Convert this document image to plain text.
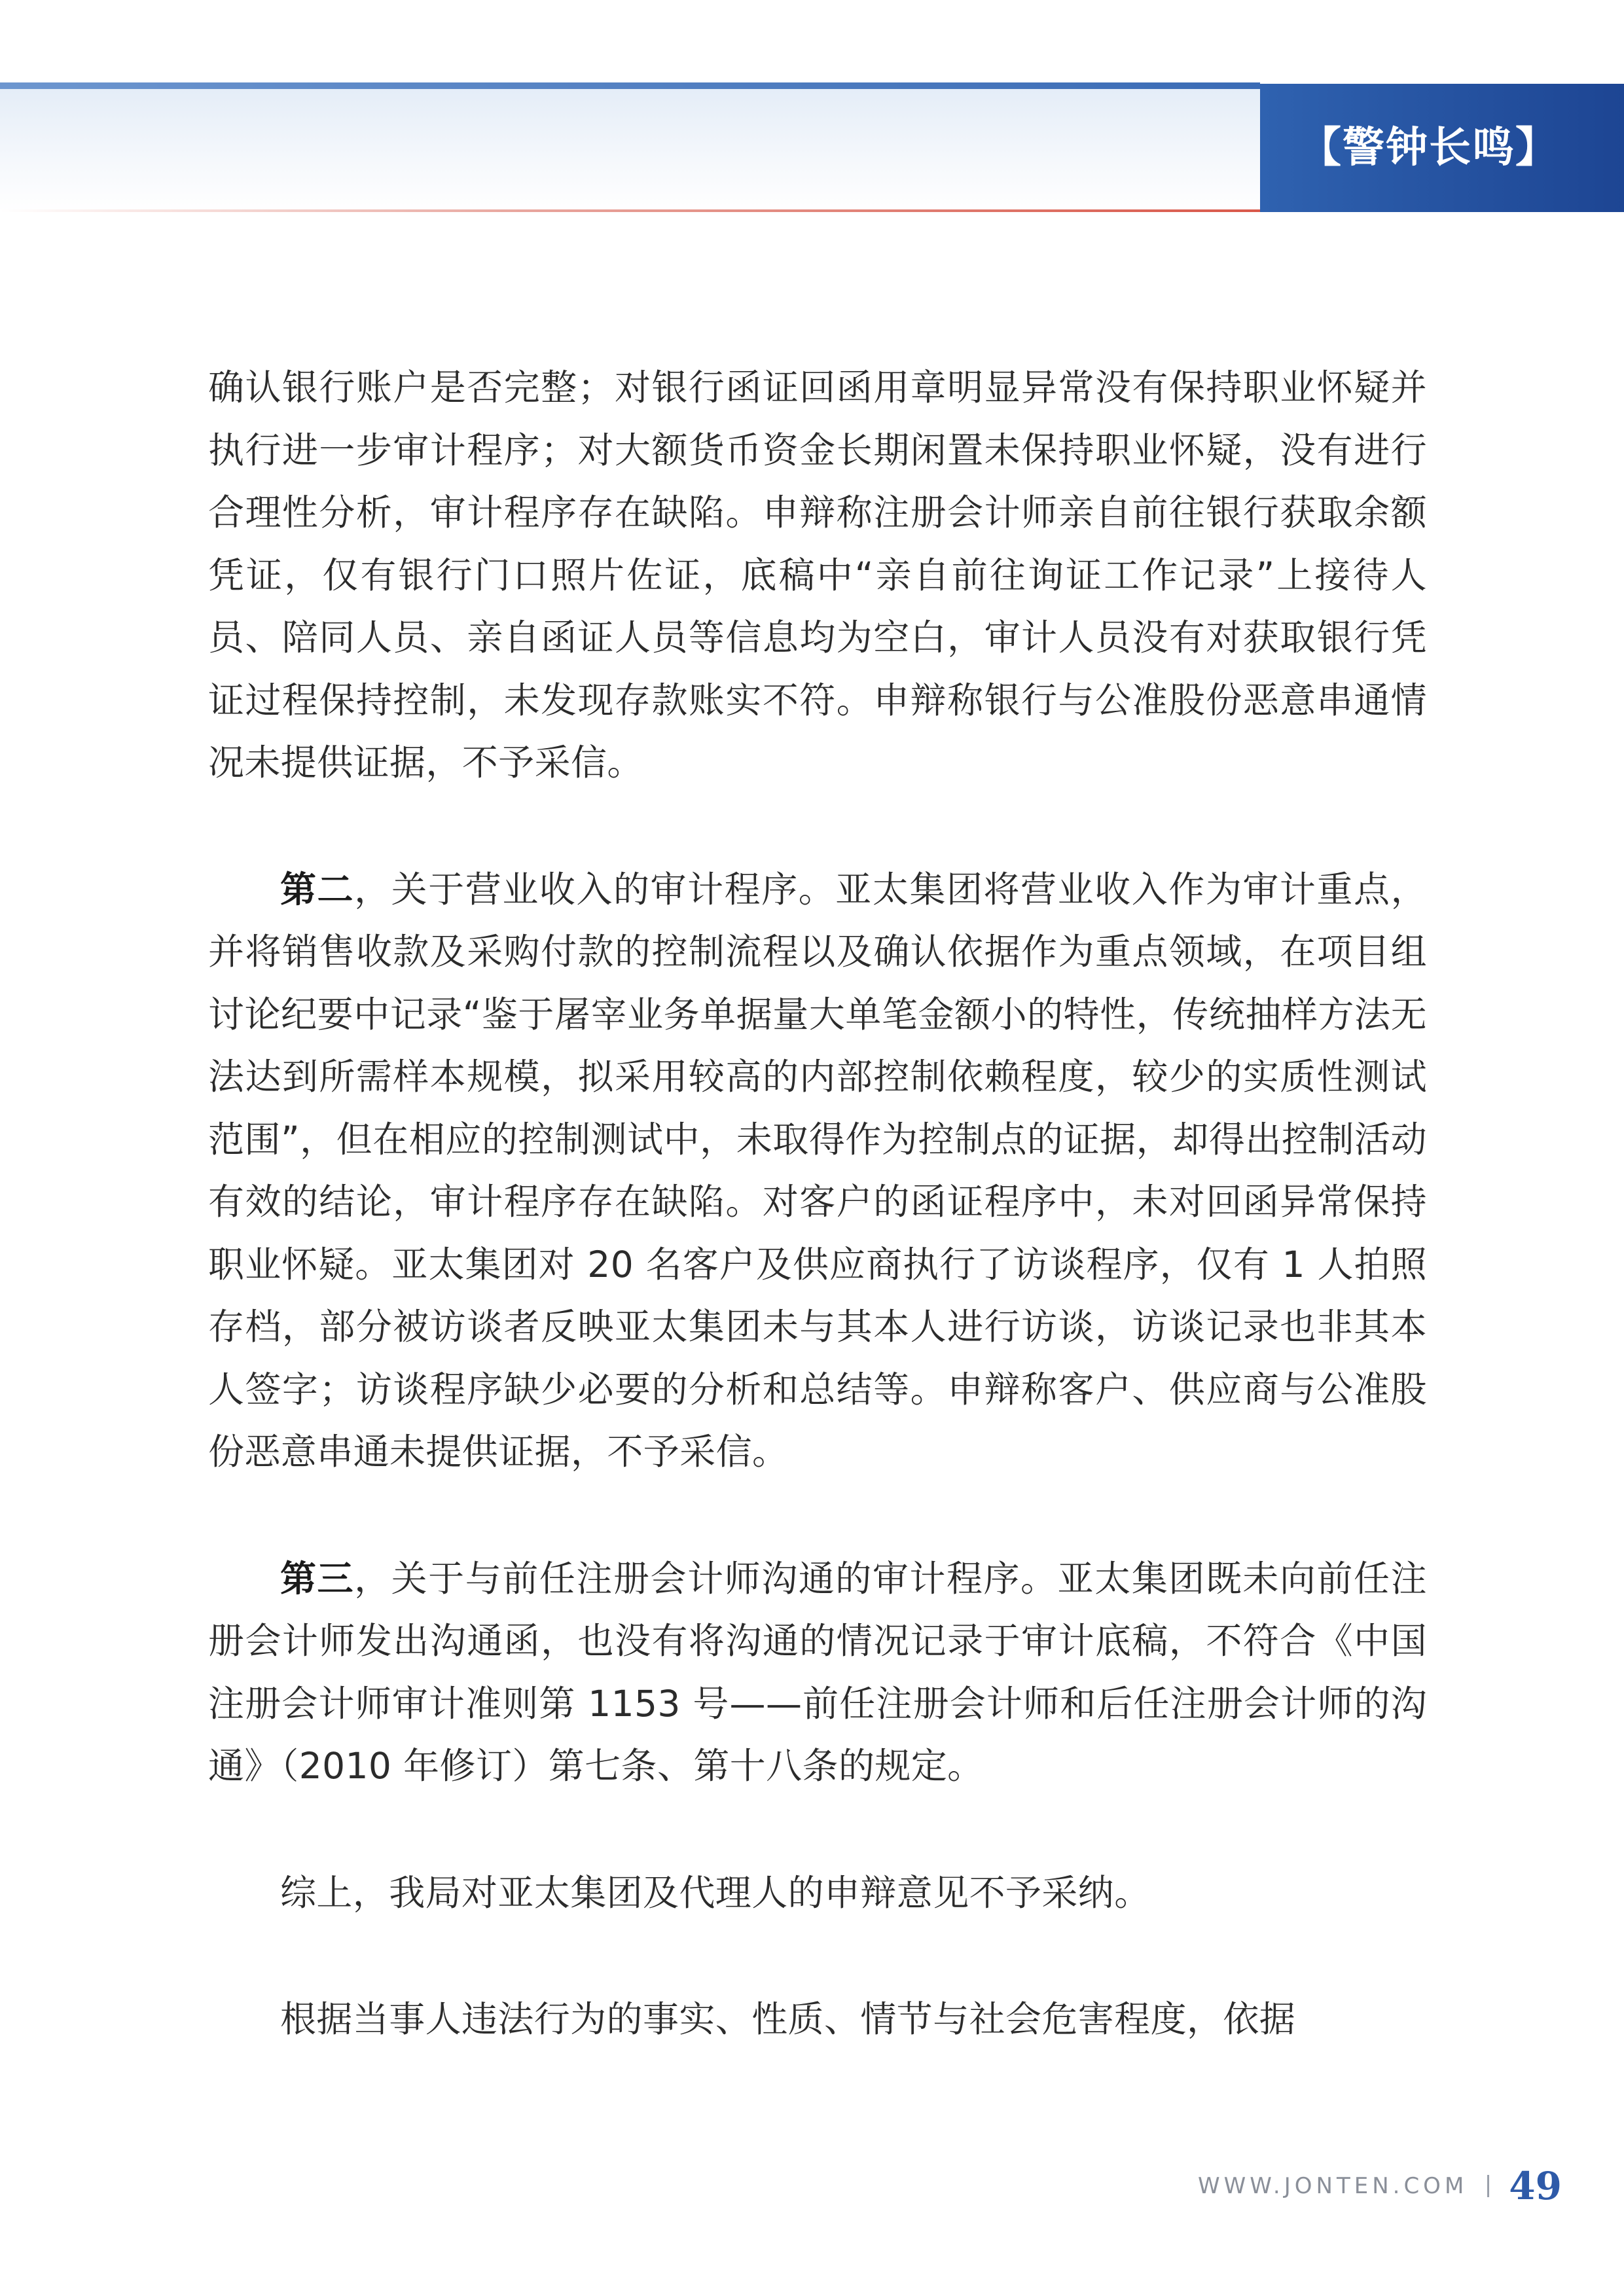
【警钟长鸣】

确认银行账户是否完整；对银行函证回函用章明显异常没有保持职业怀疑并执行进一步审计程序；对大额货币资金长期闲置未保持职业怀疑，没有进行合理性分析，审计程序存在缺陷。申辩称注册会计师亲自前往银行获取余额凭证，仅有银行门口照片佐证，底稿中“亲自前往询证工作记录”上接待人员、陪同人员、亲自函证人员等信息均为空白，审计人员没有对获取银行凭证过程保持控制，未发现存款账实不符。申辩称银行与公准股份恶意串通情况未提供证据，不予采信。

第二，关于营业收入的审计程序。亚太集团将营业收入作为审计重点，并将销售收款及采购付款的控制流程以及确认依据作为重点领域，在项目组讨论纪要中记录“鉴于屠宰业务单据量大单笔金额小的特性，传统抽样方法无法达到所需样本规模，拟采用较高的内部控制依赖程度，较少的实质性测试范围”，但在相应的控制测试中，未取得作为控制点的证据，却得出控制活动有效的结论，审计程序存在缺陷。对客户的函证程序中，未对回函异常保持职业怀疑。亚太集团对 20 名客户及供应商执行了访谈程序，仅有 1 人拍照存档，部分被访谈者反映亚太集团未与其本人进行访谈，访谈记录也非其本人签字；访谈程序缺少必要的分析和总结等。申辩称客户、供应商与公准股份恶意串通未提供证据，不予采信。

第三，关于与前任注册会计师沟通的审计程序。亚太集团既未向前任注册会计师发出沟通函，也没有将沟通的情况记录于审计底稿，不符合《中国注册会计师审计准则第 1153 号——前任注册会计师和后任注册会计师的沟通》（2010 年修订）第七条、第十八条的规定。

综上，我局对亚太集团及代理人的申辩意见不予采纳。

根据当事人违法行为的事实、性质、情节与社会危害程度，依据

WWW.JONTEN.COM 49
